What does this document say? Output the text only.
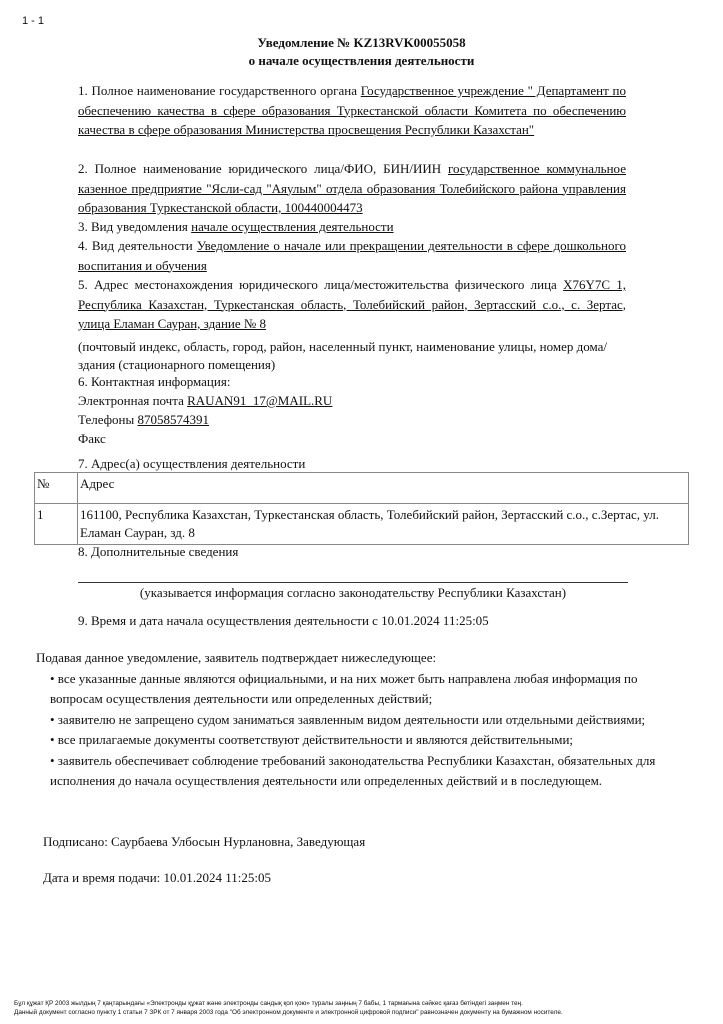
1 - 1
Уведомление № KZ13RVK00055058
о начале осуществления деятельности
1. Полное наименование государственного органа Государственное учреждение " Департамент по обеспечению качества в сфере образования Туркестанской области Комитета по обеспечению качества в сфере образования Министерства просвещения Республики Казахстан"
2. Полное наименование юридического лица/ФИО, БИН/ИИН государственное коммунальное казенное предприятие "Ясли-сад "Аяулым" отдела образования Толебийского района управления образования Туркестанской области, 100440004473
3. Вид уведомления начале осуществления деятельности
4. Вид деятельности Уведомление о начале или прекращении деятельности в сфере дошкольного воспитания и обучения
5. Адрес местонахождения юридического лица/местожительства физического лица X76Y7C 1, Республика Казахстан, Туркестанская область, Толебийский район, Зертасский с.о., с. Зертас, улица Еламан Сауран, здание № 8
(почтовый индекс, область, город, район, населенный пункт, наименование улицы, номер дома/здания (стационарного помещения)
6. Контактная информация:
Электронная почта RAUAN91_17@MAIL.RU
Телефоны 87058574391
Факс
7. Адрес(а) осуществления деятельности
№	Адрес
1	161100, Республика Казахстан, Туркестанская область, Толебийский район, Зертасский с.о., с.Зертас, ул. Еламан Сауран, зд. 8
8. Дополнительные сведения
(указывается информация согласно законодательству Республики Казахстан)
9. Время и дата начала осуществления деятельности с 10.01.2024 11:25:05
Подавая данное уведомление, заявитель подтверждает нижеследующее:
• все указанные данные являются официальными, и на них может быть направлена любая информация по вопросам осуществления деятельности или определенных действий;
• заявителю не запрещено судом заниматься заявленным видом деятельности или отдельными действиями;
• все прилагаемые документы соответствуют действительности и являются действительными;
• заявитель обеспечивает соблюдение требований законодательства Республики Казахстан, обязательных для исполнения до начала осуществления деятельности или определенных действий и в последующем.
Подписано: Саурбаева Улбосын Нурлановна, Заведующая
Дата и время подачи: 10.01.2024 11:25:05
Бұл құжат ҚР 2003 жылдың 7 қаңтарындағы «Электронды құжат және электронды сандық қол қою» туралы заңның 7 бабы, 1 тармағына сәйкес қағаз бетіндегі заңмен тең.
Данный документ согласно пункту 1 статьи 7 ЗРК от 7 января 2003 года "Об электронном документе и электронной цифровой подписи" равнозначен документу на бумажном носителе.
